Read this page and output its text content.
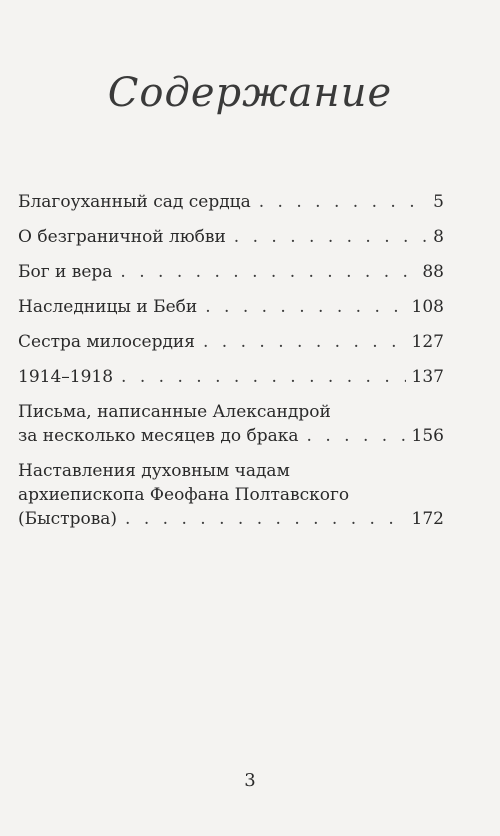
Содержание
Благоуханный сад сердца . . .	5
О безграничной любви . . .	8
Бог и вера . . .	88
Наследницы и Беби . . .	108
Сестра милосердия . . .	127
1914–1918 . . .	137
Письма, написанные Александрой
за несколько месяцев до брака . . .	156
Наставления духовным чадам
архиепископа Феофана Полтавского
(Быстрова) . . .	172
3
